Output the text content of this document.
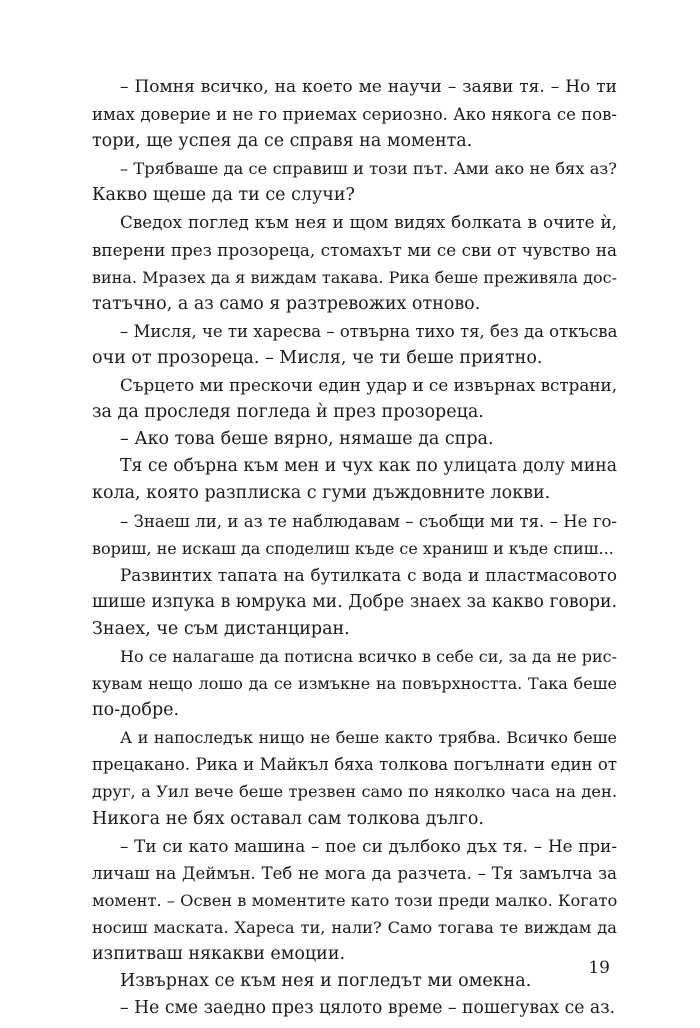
– Помня всичко, на което ме научи – заяви тя. – Но ти
имах доверие и не го приемах сериозно. Ако някога се пов-
тори, ще успея да се справя на момента.
– Трябваше да се справиш и този път. Ами ако не бях аз?
Какво щеше да ти се случи?
Сведох поглед към нея и щом видях болката в очите ѝ,
вперени през прозореца, стомахът ми се сви от чувство на
вина. Мразех да я виждам такава. Рика беше преживяла дос-
татъчно, а аз само я разтревожих отново.
– Мисля, че ти харесва – отвърна тихо тя, без да откъсва
очи от прозореца. – Мисля, че ти беше приятно.
Сърцето ми прескочи един удар и се извърнах встрани,
за да проследя погледа ѝ през прозореца.
– Ако това беше вярно, нямаше да спра.
Тя се обърна към мен и чух как по улицата долу мина
кола, която разплиска с гуми дъждовните локви.
– Знаеш ли, и аз те наблюдавам – съобщи ми тя. – Не го-
вориш, не искаш да споделиш къде се храниш и къде спиш...
Развинтих тапата на бутилката с вода и пластмасовото
шише изпука в юмрука ми. Добре знаех за какво говори.
Знаех, че съм дистанциран.
Но се налагаше да потисна всичко в себе си, за да не рис-
кувам нещо лошо да се измъкне на повърхността. Така беше
по-добре.
А и напоследък нищо не беше както трябва. Всичко беше
прецакано. Рика и Майкъл бяха толкова погълнати един от
друг, а Уил вече беше трезвен само по няколко часа на ден.
Никога не бях оставал сам толкова дълго.
– Ти си като машина – пое си дълбоко дъх тя. – Не при-
личаш на Деймън. Теб не мога да разчета. – Тя замълча за
момент. – Освен в моментите като този преди малко. Когато
носиш маската. Хареса ти, нали? Само тогава те виждам да
изпитваш някакви емоции.
Извърнах се към нея и погледът ми омекна.
– Не сме заедно през цялото време – пошегувах се аз.
19
